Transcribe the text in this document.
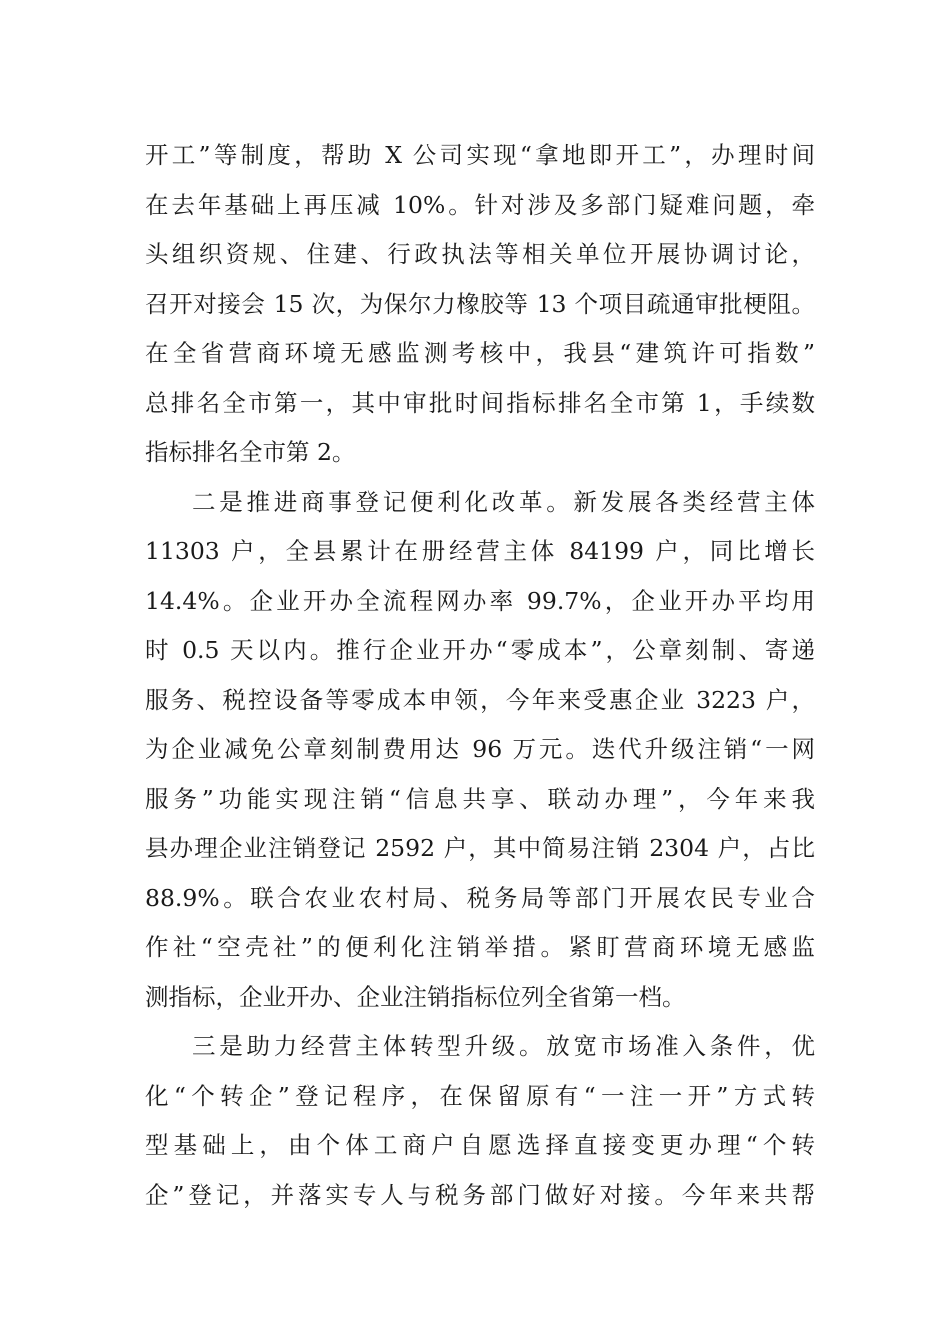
开工”等制度，帮助 X 公司实现“拿地即开工”，办理时间
在去年基础上再压减 10%。针对涉及多部门疑难问题，牵
头组织资规、住建、行政执法等相关单位开展协调讨论，
召开对接会 15 次，为保尔力橡胶等 13 个项目疏通审批梗阻。
在全省营商环境无感监测考核中，我县“建筑许可指数”
总排名全市第一，其中审批时间指标排名全市第 1，手续数
指标排名全市第 2。
二是推进商事登记便利化改革。新发展各类经营主体
11303 户，全县累计在册经营主体 84199 户，同比增长
14.4%。企业开办全流程网办率 99.7%，企业开办平均用
时 0.5 天以内。推行企业开办“零成本”，公章刻制、寄递
服务、税控设备等零成本申领，今年来受惠企业 3223 户，
为企业减免公章刻制费用达 96 万元。迭代升级注销“一网
服务”功能实现注销“信息共享、联动办理”，今年来我
县办理企业注销登记 2592 户，其中简易注销 2304 户，占比
88.9%。联合农业农村局、税务局等部门开展农民专业合
作社“空壳社”的便利化注销举措。紧盯营商环境无感监
测指标，企业开办、企业注销指标位列全省第一档。
三是助力经营主体转型升级。放宽市场准入条件，优
化“个转企”登记程序，在保留原有“一注一开”方式转
型基础上，由个体工商户自愿选择直接变更办理“个转
企”登记，并落实专人与税务部门做好对接。今年来共帮
